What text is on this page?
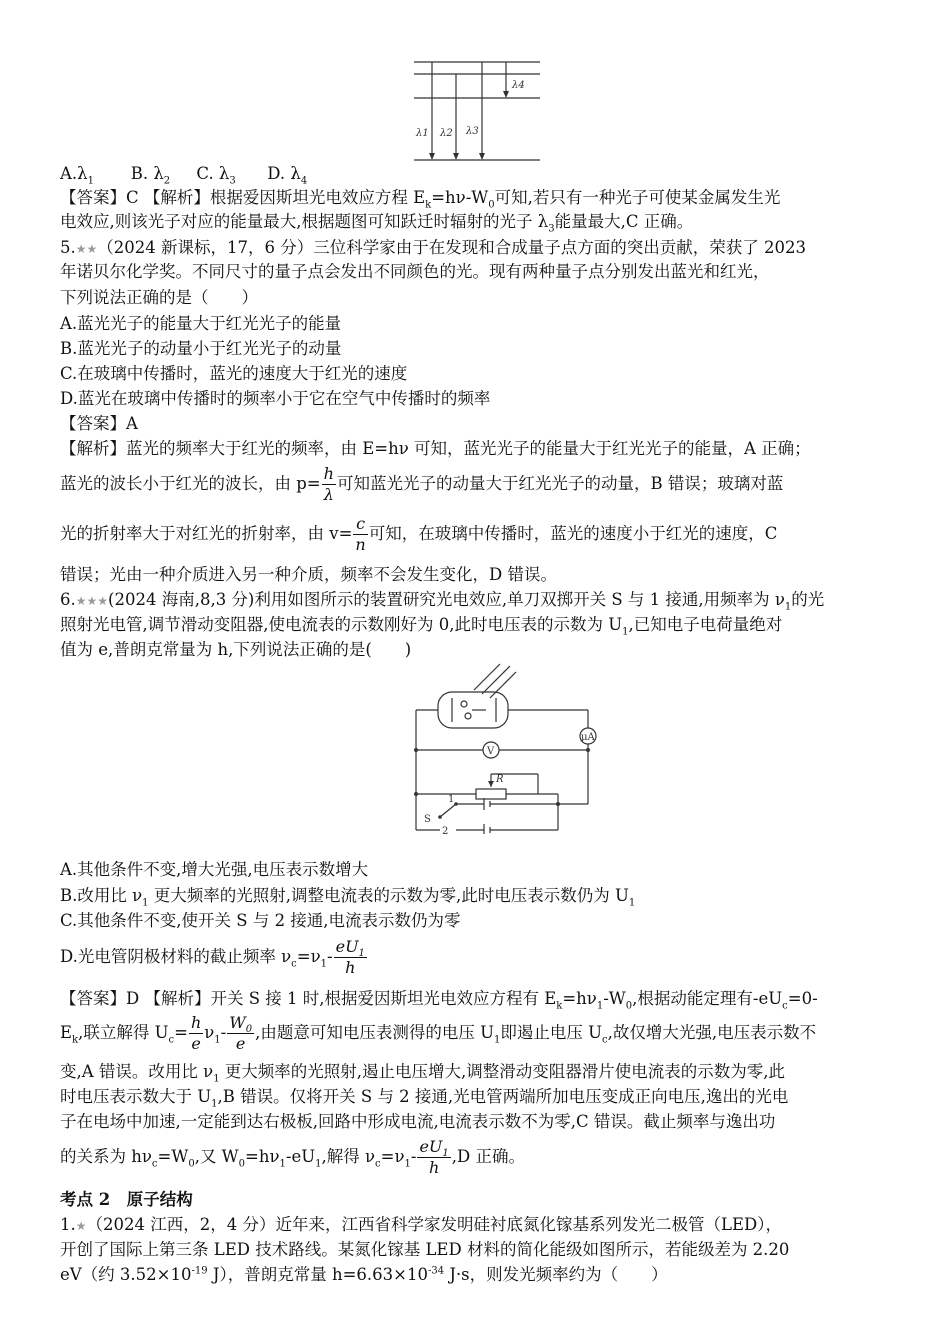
λ1 λ2 λ3
λ4
$A.\lambda_1$ B. $\lambda_2$ C. $\lambda_3$ D. $\lambda_4$
【答案】C 【解析】根据爱因斯坦光电效应方程 $E_k=h\nu-W_0$可知,若只有一种光子可使某金属发生光
电效应,则该光子对应的能量最大,根据题图可知跃迁时辐射的光子 $\lambda_3$能量最大,C 正确。
5.★★（2024 新课标，17，6 分）三位科学家由于在发现和合成量子点方面的突出贡献，荣获了 2023
年诺贝尔化学奖。不同尺寸的量子点会发出不同颜色的光。现有两种量子点分别发出蓝光和红光，
下列说法正确的是（　　）
A.蓝光光子的能量大于红光光子的能量
B.蓝光光子的动量小于红光光子的动量
C.在玻璃中传播时，蓝光的速度大于红光的速度
D.蓝光在玻璃中传播时的频率小于它在空气中传播时的频率
【答案】A
【解析】蓝光的频率大于红光的频率，由 E=hν 可知，蓝光光子的能量大于红光光子的能量，A 正确；
蓝光的波长小于红光的波长，由 $p= \frac{h}{\lambda}$ 可知蓝光光子的动量大于红光光子的动量，B 错误；玻璃对蓝
光的折射率大于对红光的折射率，由 $v= \frac{c}{n}$ 可知，在玻璃中传播时，蓝光的速度小于红光的速度，C
错误；光由一种介质进入另一种介质，频率不会发生变化，D 错误。
6.★★★(2024 海南,8,3 分)利用如图所示的装置研究光电效应,单刀双掷开关 S 与 1 接通,用频率为 $\nu_1$的光
照射光电管,调节滑动变阻器,使电流表的示数刚好为 0,此时电压表的示数为 $U_1$,已知电子电荷量绝对
值为 e,普朗克常量为 h,下列说法正确的是(　　)
μA
V
R
S
1
2
A.其他条件不变,增大光强,电压表示数增大
B.改用比 $\nu_1$ 更大频率的光照射,调整电流表的示数为零,此时电压表示数仍为 $U_1$
C.其他条件不变,使开关 S 与 2 接通,电流表示数仍为零
D.光电管阴极材料的截止频率 $\nu_c=\nu_1- \frac{eU_1}{h}$
【答案】D 【解析】开关 S 接 1 时,根据爱因斯坦光电效应方程有 $E_k=h\nu_1-W_0$,根据动能定理有$-eU_c=0-$
$E_k$,联立解得 $U_c= \frac{h}{e} \nu_1- \frac{W_0}{e}$ ,由题意可知电压表测得的电压 $U_1$即遏止电压 $U_c$,故仅增大光强,电压表示数不
变,A 错误。改用比 $\nu_1$ 更大频率的光照射,遏止电压增大,调整滑动变阻器滑片使电流表的示数为零,此
时电压表示数大于 $U_1,B$ 错误。仅将开关 S 与 2 接通,光电管两端所加电压变成正向电压,逸出的光电
子在电场中加速,一定能到达右极板,回路中形成电流,电流表示数不为零,C 错误。截止频率与逸出功
的关系为 $h\nu_c=W_0$,又 $W_0=h\nu_1-eU_1$,解得 $\nu_c=\nu_1- \frac{eU_1}{h} ,D$ 正确。
考点 2　原子结构
1.★（2024 江西，2，4 分）近年来，江西省科学家发明硅衬底氮化镓基系列发光二极管（LED），
开创了国际上第三条 LED 技术路线。某氮化镓基 LED 材料的简化能级如图所示，若能级差为 2.20
eV（约 $3.52\times 10^{-19}$ J），普朗克常量 $h=6.63\times 10^{-34}$ J·s，则发光频率约为（　　）
